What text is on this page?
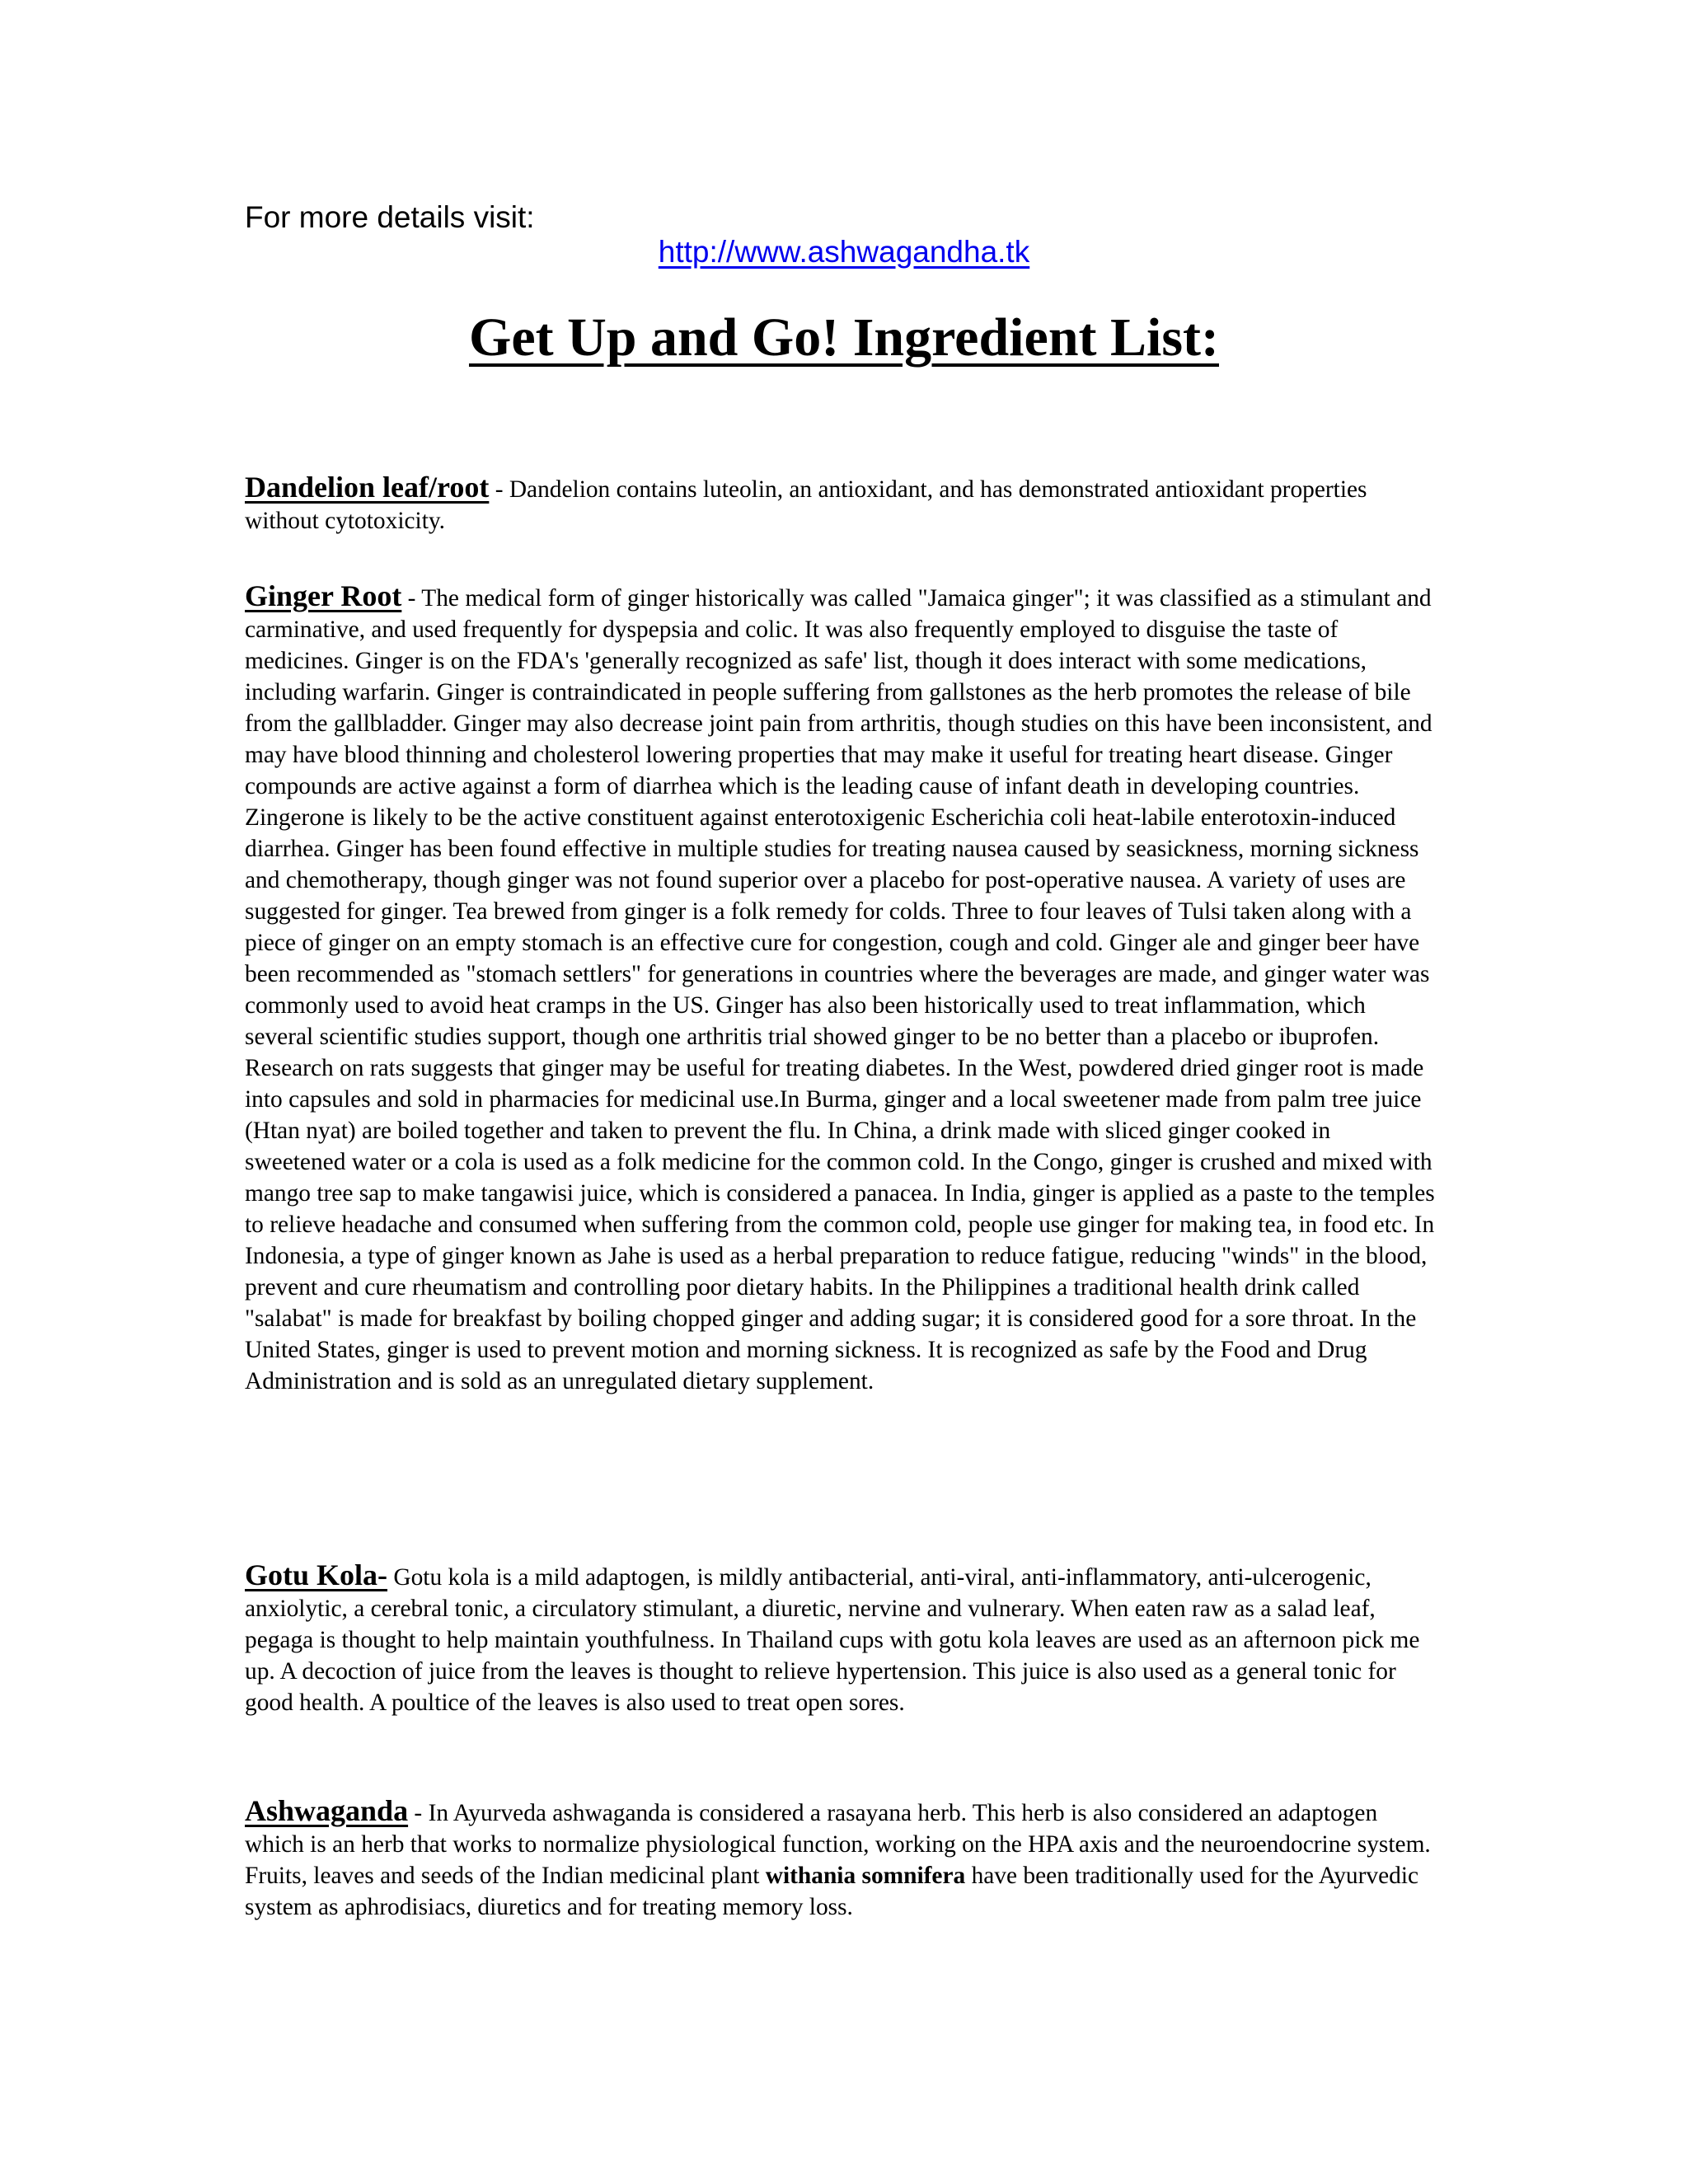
For more details visit:
http://www.ashwagandha.tk
Get Up and Go! Ingredient List:

Dandelion leaf/root - Dandelion contains luteolin, an antioxidant, and has demonstrated antioxidant properties without cytotoxicity.

Ginger Root - The medical form of ginger historically was called "Jamaica ginger"; it was classified as a stimulant and carminative, and used frequently for dyspepsia and colic. It was also frequently employed to disguise the taste of medicines. Ginger is on the FDA's 'generally recognized as safe' list, though it does interact with some medications, including warfarin. Ginger is contraindicated in people suffering from gallstones as the herb promotes the release of bile from the gallbladder. Ginger may also decrease joint pain from arthritis, though studies on this have been inconsistent, and may have blood thinning and cholesterol lowering properties that may make it useful for treating heart disease. Ginger compounds are active against a form of diarrhea which is the leading cause of infant death in developing countries. Zingerone is likely to be the active constituent against enterotoxigenic Escherichia coli heat-labile enterotoxin-induced diarrhea. Ginger has been found effective in multiple studies for treating nausea caused by seasickness, morning sickness and chemotherapy, though ginger was not found superior over a placebo for post-operative nausea. A variety of uses are suggested for ginger. Tea brewed from ginger is a folk remedy for colds. Three to four leaves of Tulsi taken along with a piece of ginger on an empty stomach is an effective cure for congestion, cough and cold. Ginger ale and ginger beer have been recommended as "stomach settlers" for generations in countries where the beverages are made, and ginger water was commonly used to avoid heat cramps in the US. Ginger has also been historically used to treat inflammation, which several scientific studies support, though one arthritis trial showed ginger to be no better than a placebo or ibuprofen. Research on rats suggests that ginger may be useful for treating diabetes. In the West, powdered dried ginger root is made into capsules and sold in pharmacies for medicinal use.In Burma, ginger and a local sweetener made from palm tree juice (Htan nyat) are boiled together and taken to prevent the flu. In China, a drink made with sliced ginger cooked in sweetened water or a cola is used as a folk medicine for the common cold. In the Congo, ginger is crushed and mixed with mango tree sap to make tangawisi juice, which is considered a panacea. In India, ginger is applied as a paste to the temples to relieve headache and consumed when suffering from the common cold, people use ginger for making tea, in food etc. In Indonesia, a type of ginger known as Jahe is used as a herbal preparation to reduce fatigue, reducing "winds" in the blood, prevent and cure rheumatism and controlling poor dietary habits. In the Philippines a traditional health drink called "salabat" is made for breakfast by boiling chopped ginger and adding sugar; it is considered good for a sore throat. In the United States, ginger is used to prevent motion and morning sickness. It is recognized as safe by the Food and Drug Administration and is sold as an unregulated dietary supplement.

Gotu Kola- Gotu kola is a mild adaptogen, is mildly antibacterial, anti-viral, anti-inflammatory, anti-ulcerogenic, anxiolytic, a cerebral tonic, a circulatory stimulant, a diuretic, nervine and vulnerary. When eaten raw as a salad leaf, pegaga is thought to help maintain youthfulness. In Thailand cups with gotu kola leaves are used as an afternoon pick me up. A decoction of juice from the leaves is thought to relieve hypertension. This juice is also used as a general tonic for good health. A poultice of the leaves is also used to treat open sores.

Ashwaganda - In Ayurveda ashwaganda is considered a rasayana herb. This herb is also considered an adaptogen which is an herb that works to normalize physiological function, working on the HPA axis and the neuroendocrine system. Fruits, leaves and seeds of the Indian medicinal plant withania somnifera have been traditionally used for the Ayurvedic system as aphrodisiacs, diuretics and for treating memory loss.
